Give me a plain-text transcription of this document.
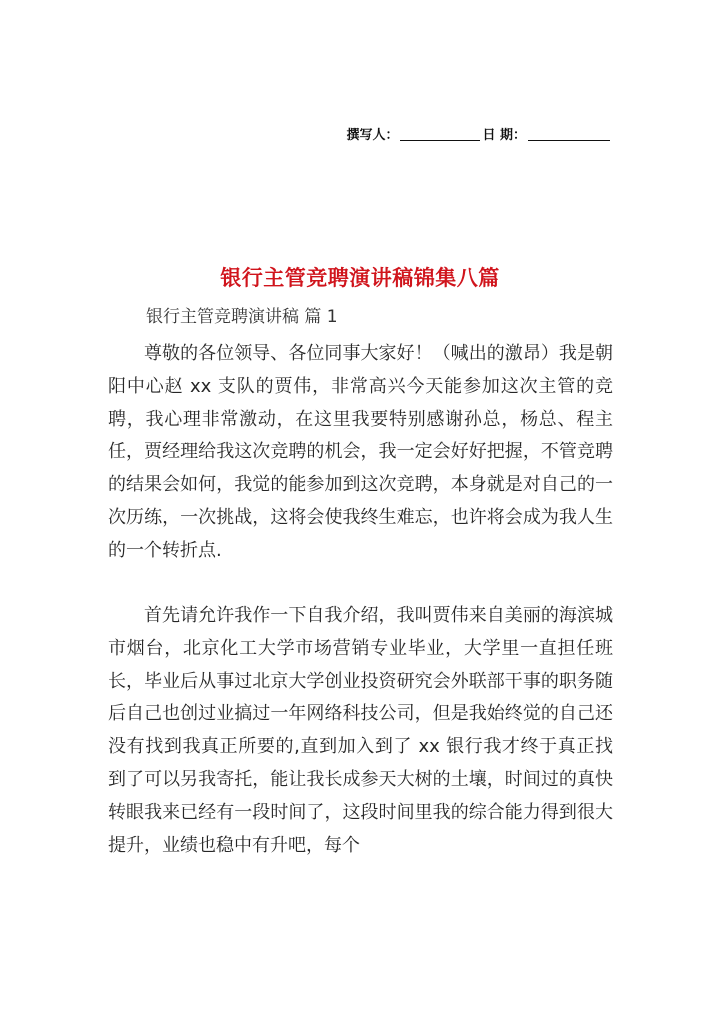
撰写人：	日 期：
银行主管竞聘演讲稿锦集八篇
银行主管竞聘演讲稿 篇 1

尊敬的各位领导、各位同事大家好！（喊出的激昂）我是朝阳中心赵 xx 支队的贾伟，非常高兴今天能参加这次主管的竞聘，我心理非常激动，在这里我要特别感谢孙总，杨总、程主任，贾经理给我这次竞聘的机会，我一定会好好把握，不管竞聘的结果会如何，我觉的能参加到这次竞聘，本身就是对自己的一次历练，一次挑战，这将会使我终生难忘，也许将会成为我人生的一个转折点.

首先请允许我作一下自我介绍，我叫贾伟来自美丽的海滨城市烟台，北京化工大学市场营销专业毕业，大学里一直担任班长，毕业后从事过北京大学创业投资研究会外联部干事的职务随后自己也创过业搞过一年网络科技公司，但是我始终觉的自己还没有找到我真正所要的,直到加入到了 xx 银行我才终于真正找到了可以另我寄托，能让我长成参天大树的土壤，时间过的真快转眼我来已经有一段时间了，这段时间里我的综合能力得到很大提升，业绩也稳中有升吧，每个
